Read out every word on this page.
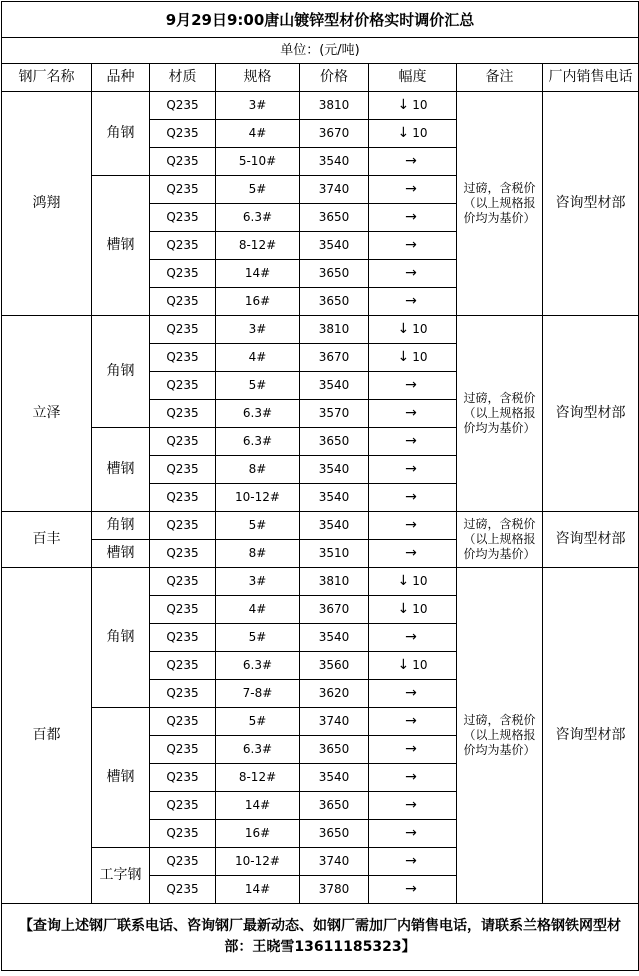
9月29日9:00唐山镀锌型材价格实时调价汇总							
单位：(元/吨)							
钢厂名称	品种	材质	规格	价格	幅度	备注	厂内销售电话
鸿翔	角钢	Q235	3#	3810	↓ 10	过磅，含税价（以上规格报价均为基价）	咨询型材部
		Q235	4#	3670	↓ 10		
		Q235	5-10#	3540	→		
	槽钢	Q235	5#	3740	→		
		Q235	6.3#	3650	→		
		Q235	8-12#	3540	→		
		Q235	14#	3650	→		
		Q235	16#	3650	→		
立泽	角钢	Q235	3#	3810	↓ 10	过磅，含税价（以上规格报价均为基价）	咨询型材部
		Q235	4#	3670	↓ 10		
		Q235	5#	3540	→		
		Q235	6.3#	3570	→		
	槽钢	Q235	6.3#	3650	→		
		Q235	8#	3540	→		
		Q235	10-12#	3540	→		
百丰	角钢	Q235	5#	3540	→	过磅，含税价（以上规格报价均为基价）	咨询型材部
	槽钢	Q235	8#	3510	→		
百都	角钢	Q235	3#	3810	↓ 10	过磅，含税价（以上规格报价均为基价）	咨询型材部
		Q235	4#	3670	↓ 10		
		Q235	5#	3540	→		
		Q235	6.3#	3560	↓ 10		
		Q235	7-8#	3620	→		
	槽钢	Q235	5#	3740	→		
		Q235	6.3#	3650	→		
		Q235	8-12#	3540	→		
		Q235	14#	3650	→		
		Q235	16#	3650	→		
	工字钢	Q235	10-12#	3740	→		
		Q235	14#	3780	→		
【查询上述钢厂联系电话、咨询钢厂最新动态、如钢厂需加厂内销售电话，请联系兰格钢铁网型材部：王晓雪13611185323】							
